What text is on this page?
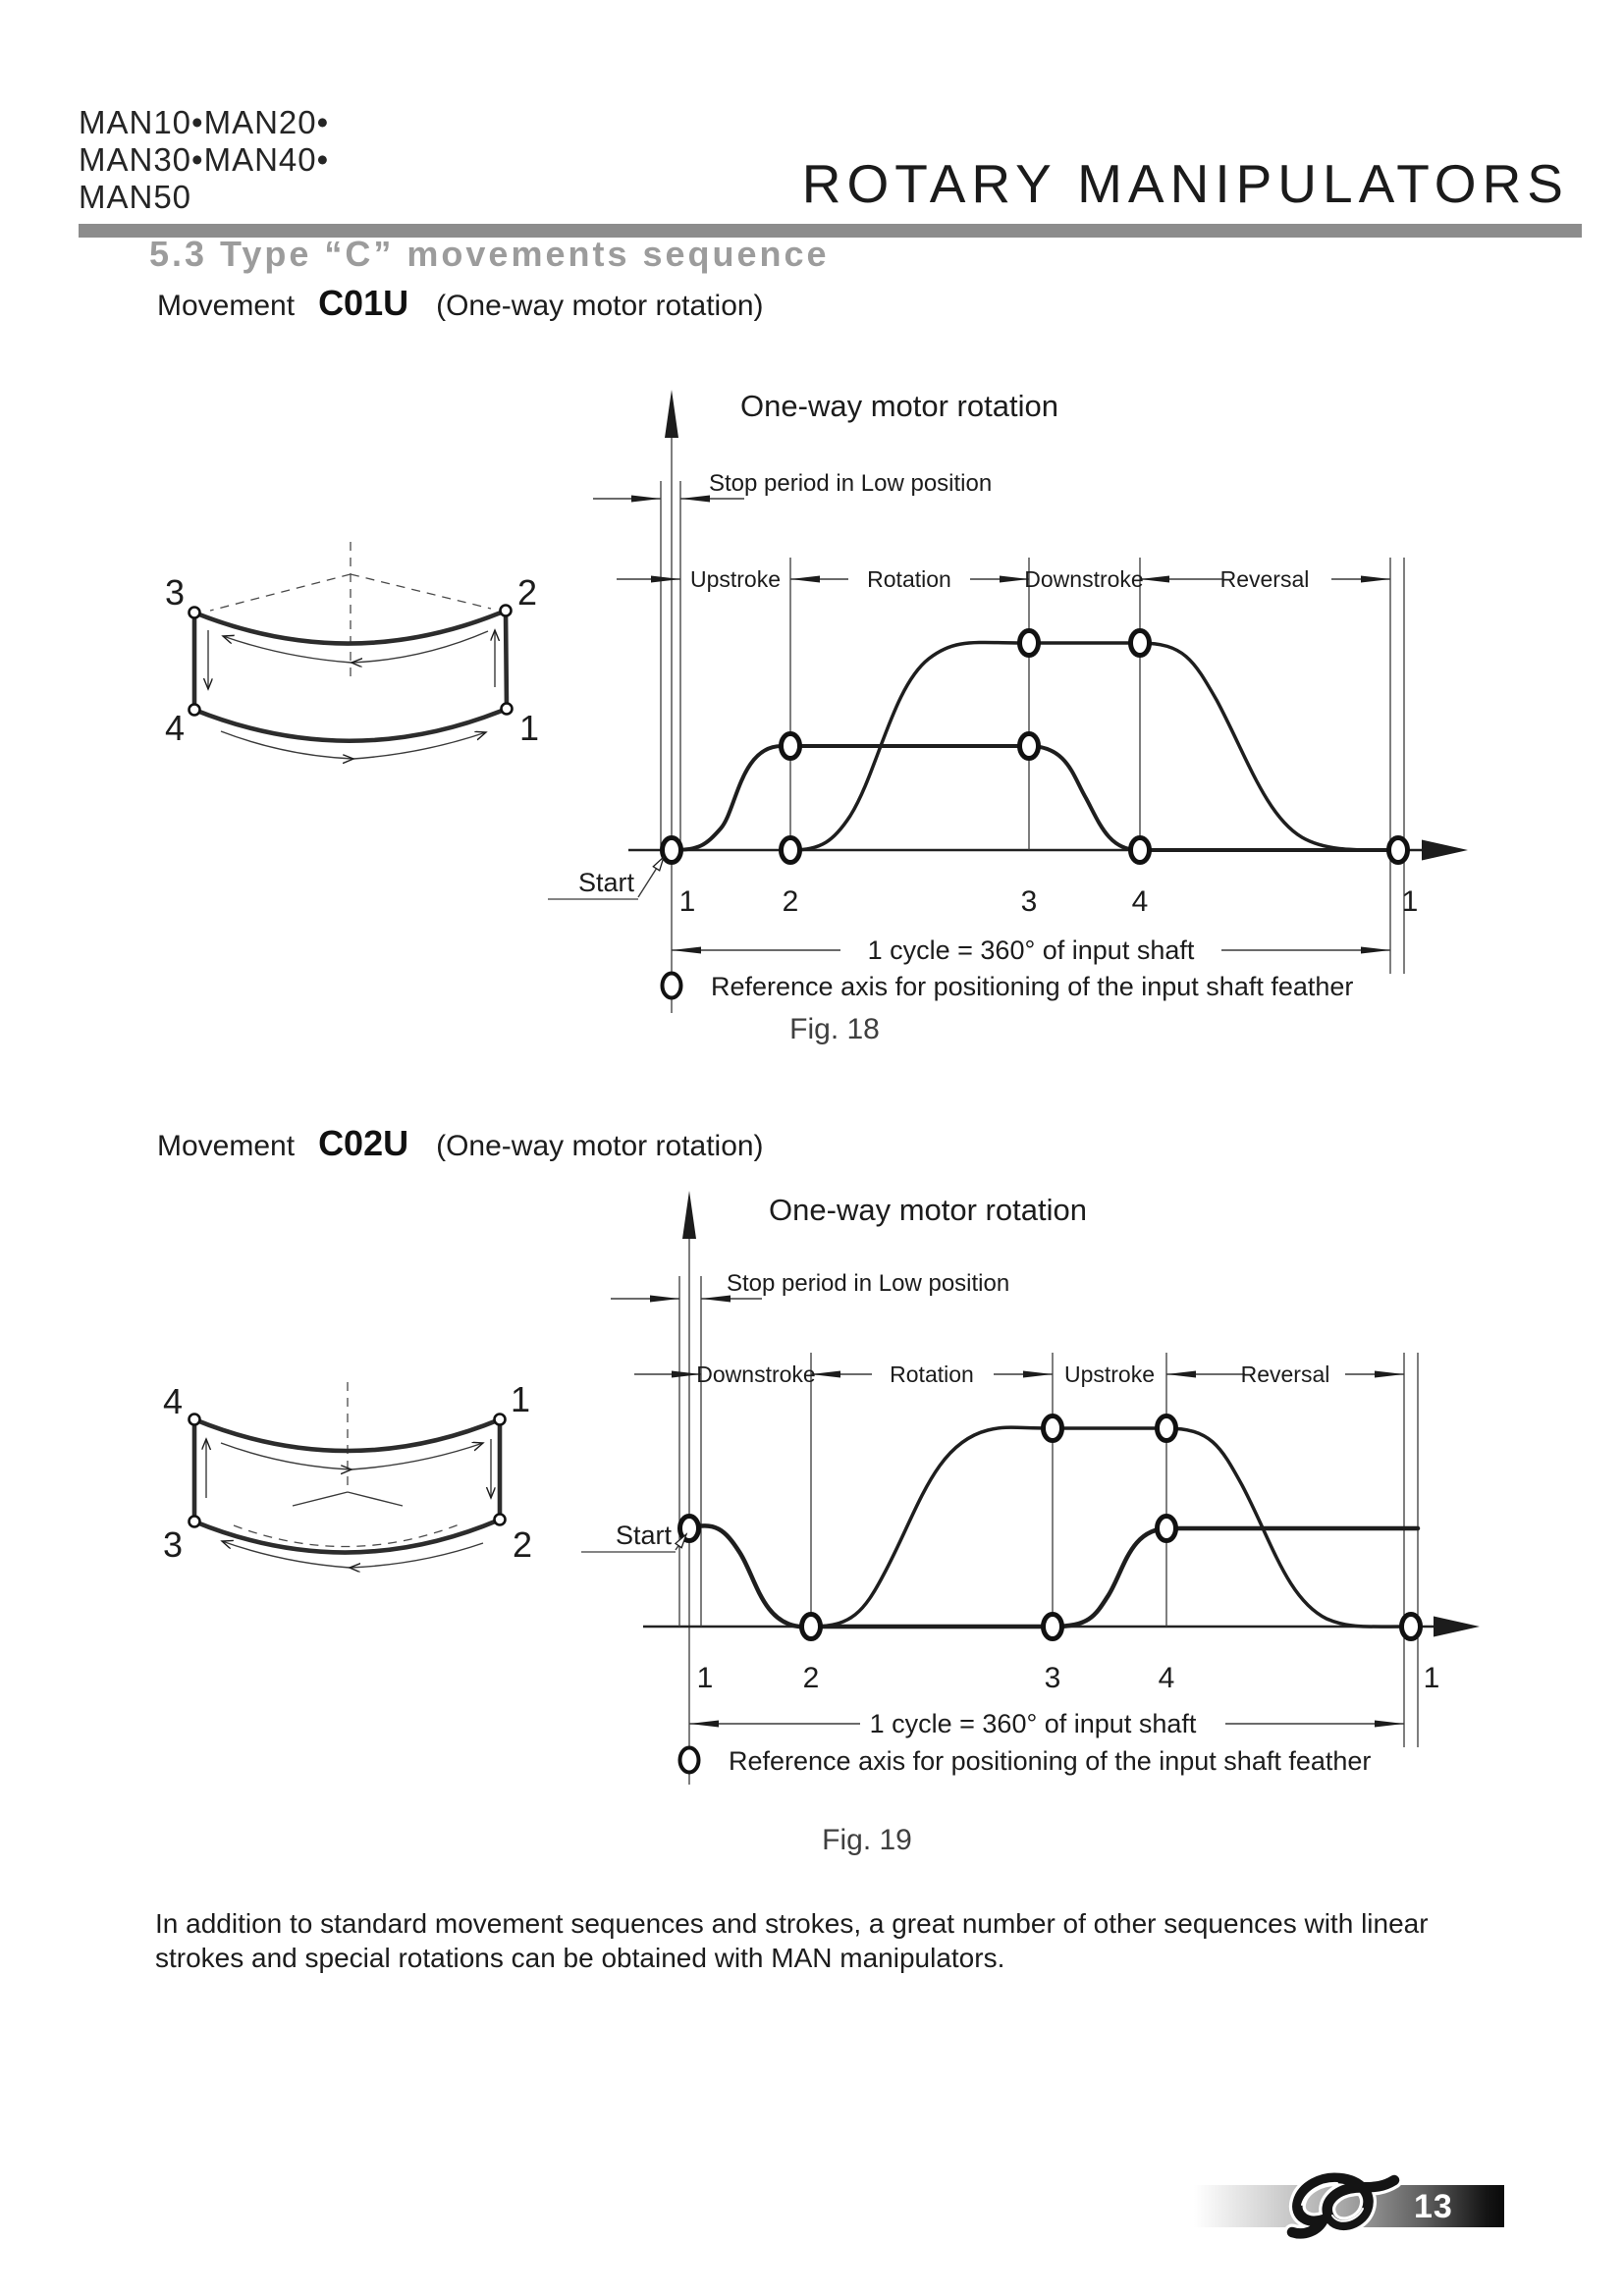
MAN10•MAN20•
MAN30•MAN40•
MAN50	ROTARY MANIPULATORS
5.3 Type “C” movements sequence
Movement C01U (One-way motor rotation)
3	2
4	1
One-way motor rotation
Stop period in Low position
Upstroke	Rotation	Downstroke	Reversal
1	2	3	4	1
Start
1 cycle = 360° of input shaft
Reference axis for positioning of the input shaft feather
Fig. 18
Movement C02U (One-way motor rotation)
4	1
3	2
One-way motor rotation
Stop period in Low position
Downstroke	Rotation	Upstroke	Reversal
1	2	3	4	1
Start
1 cycle = 360° of input shaft
Reference axis for positioning of the input shaft feather
Fig. 19
In addition to standard movement sequences and strokes, a great number of other sequences with linear strokes and special rotations can be obtained with MAN manipulators.
13
